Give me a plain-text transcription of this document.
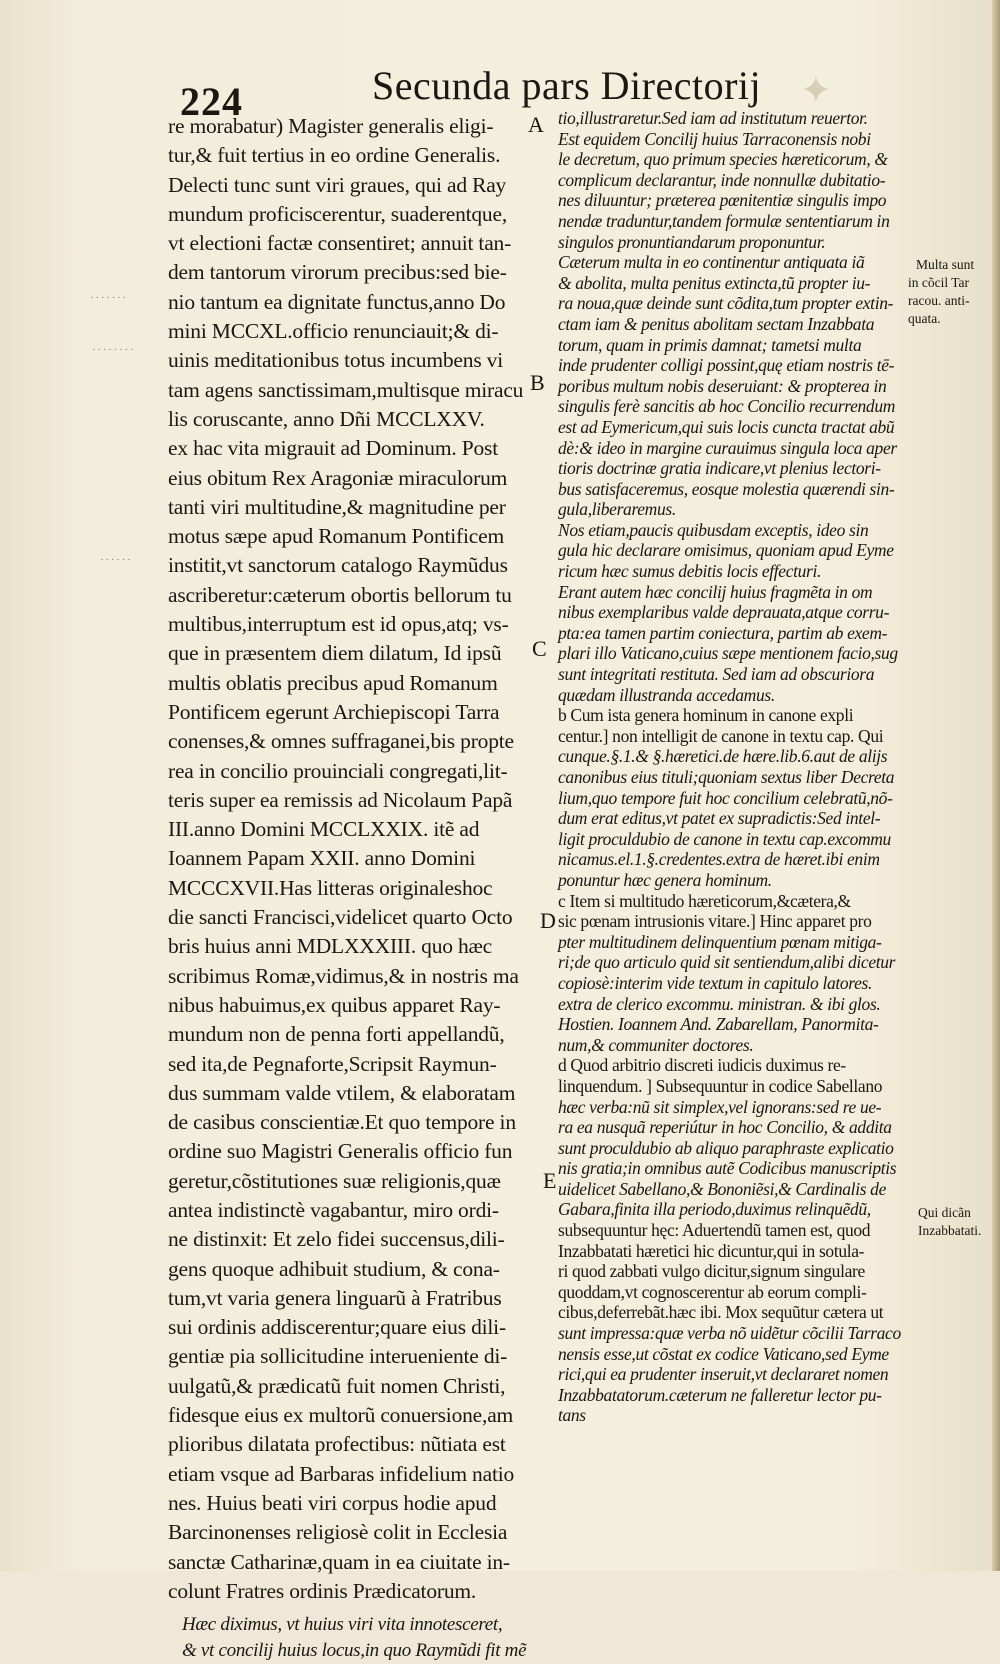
224	Secunda pars Directorij ✦
re morabatur) Magister generalis eligi-
tur,& fuit tertius in eo ordine Generalis.
Delecti tunc sunt viri graues, qui ad Ray
mundum proficiscerentur, suaderentque,
vt electioni factæ consentiret; annuit tan-
dem tantorum virorum precibus:sed bie-
nio tantum ea dignitate functus,anno Do
mini MCCXL.officio renunciauit;& di-
uinis meditationibus totus incumbens vi
tam agens sanctissimam,multisque miracu
lis coruscante, anno Dñi MCCLXXV.
ex hac vita migrauit ad Dominum. Post
eius obitum Rex Aragoniæ miraculorum
tanti viri multitudine,& magnitudine per
motus sæpe apud Romanum Pontificem
institit,vt sanctorum catalogo Raymũdus
ascriberetur:cæterum obortis bellorum tu
multibus,interruptum est id opus,atq; vs-
que in præsentem diem dilatum, Id ipsũ
multis oblatis precibus apud Romanum
Pontificem egerunt Archiepiscopi Tarra
conenses,& omnes suffraganei,bis propte
rea in concilio prouinciali congregati,lit-
teris super ea remissis ad Nicolaum Papã
III.anno Domini MCCLXXIX. itẽ ad
Ioannem Papam XXII. anno Domini
MCCCXVII.Has litteras originaleshoc
die sancti Francisci,videlicet quarto Octo
bris huius anni MDLXXXIII. quo hæc
scribimus Romæ,vidimus,& in nostris ma
nibus habuimus,ex quibus apparet Ray-
mundum non de penna forti appellandũ,
sed ita,de Pegnaforte,Scripsit Raymun-
dus summam valde vtilem, & elaboratam
de casibus conscientiæ.Et quo tempore in
ordine suo Magistri Generalis officio fun
geretur,cõstitutiones suæ religionis,quæ
antea indistinctè vagabantur, miro ordi-
ne distinxit: Et zelo fidei succensus,dili-
gens quoque adhibuit studium, & cona-
tum,vt varia genera linguarũ à Fratribus
sui ordinis addiscerentur;quare eius dili-
gentiæ pia sollicitudine interueniente di-
uulgatũ,& prædicatũ fuit nomen Christi,
fidesque eius ex multorũ conuersione,am
plioribus dilatata profectibus: nũtiata est
etiam vsque ad Barbaras infidelium natio
nes. Huius beati viri corpus hodie apud
Barcinonenses religiosè colit in Ecclesia
sanctæ Catharinæ,quam in ea ciuitate in-
colunt Fratres ordinis Prædicatorum.
Hæc diximus, vt huius viri vita innotesceret,
& vt concilij huius locus,in quo Raymũdi fit mẽ
A
B
C
D
E
tio,illustraretur.Sed iam ad institutum reuertor.
Est equidem Concilij huius Tarraconensis nobi
le decretum, quo primum species hæreticorum, &
complicum declarantur, inde nonnullæ dubitatio-
nes diluuntur; præterea pœnitentiæ singulis impo
nendæ traduntur,tandem formulæ sententiarum in
singulos pronuntiandarum proponuntur.
Cæterum multa in eo continentur antiquata iã
& abolita, multa penitus extincta,tũ propter iu-
ra noua,quæ deinde sunt cõdita,tum propter extin-
ctam iam & penitus abolitam sectam Inzabbata
torum, quam in primis damnat; tametsi multa
inde prudenter colligi possint,quę etiam nostris tē-
poribus multum nobis deseruiant: & propterea in
singulis ferè sancitis ab hoc Concilio recurrendum
est ad Eymericum,qui suis locis cuncta tractat abũ
dè:& ideo in margine curauimus singula loca aper
tioris doctrinæ gratia indicare,vt plenius lectori-
bus satisfaceremus, eosque molestia quærendi sin-
gula,liberaremus.
Nos etiam,paucis quibusdam exceptis, ideo sin
gula hic declarare omisimus, quoniam apud Eyme
ricum hæc sumus debitis locis effecturi.
Erant autem hæc concilij huius fragmẽta in om
nibus exemplaribus valde deprauata,atque corru-
pta:ea tamen partim coniectura, partim ab exem-
plari illo Vaticano,cuius sæpe mentionem facio,sug
sunt integritati restituta. Sed iam ad obscuriora
quædam illustranda accedamus.
b Cum ista genera hominum in canone expli
centur.] non intelligit de canone in textu cap. Qui
cunque.§.1.& §.hæretici.de hære.lib.6.aut de alijs
canonibus eius tituli;quoniam sextus liber Decreta
lium,quo tempore fuit hoc concilium celebratũ,nõ-
dum erat editus,vt patet ex supradictis:Sed intel-
ligit proculdubio de canone in textu cap.excommu
nicamus.el.1.§.credentes.extra de hæret.ibi enim
ponuntur hæc genera hominum.
c Item si multitudo hæreticorum,&cætera,&
sic pœnam intrusionis vitare.] Hinc apparet pro
pter multitudinem delinquentium pœnam mitiga-
ri;de quo articulo quid sit sentiendum,alibi dicetur
copiosè:interim vide textum in capitulo latores.
extra de clerico excommu. ministran. & ibi glos.
Hostien. Ioannem And. Zabarellam, Panormita-
num,& communiter doctores.
d Quod arbitrio discreti iudicis duximus re-
linquendum. ] Subsequuntur in codice Sabellano
hæc verba:nũ sit simplex,vel ignorans:sed re ue-
ra ea nusquã reperiútur in hoc Concilio, & addita
sunt proculdubio ab aliquo paraphraste explicatio
nis gratia;in omnibus autẽ Codicibus manuscriptis
uidelicet Sabellano,& Bononiẽsi,& Cardinalis de
Gabara,finita illa periodo,duximus relinquẽdũ,
subsequuntur hęc: Aduertendũ tamen est, quod
Inzabbatati hæretici hic dicuntur,qui in sotula-
ri quod zabbati vulgo dicitur,signum singulare
quoddam,vt cognoscerentur ab eorum compli-
cibus,deferrebãt.hæc ibi. Mox sequũtur cætera ut
sunt impressa:quæ verba nõ uidẽtur cõcilii Tarraco
nensis esse,ut cõstat ex codice Vaticano,sed Eyme
rici,qui ea prudenter inseruit,vt declararet nomen
Inzabbatatorum.cæterum ne falleretur lector pu-
tans
Multa sunt
in cõcil Tar
racou. anti-
quata.
Qui dicãn
Inzabbatati.
· · · · · · ·
· · · · · · · ·
· · · · · ·
